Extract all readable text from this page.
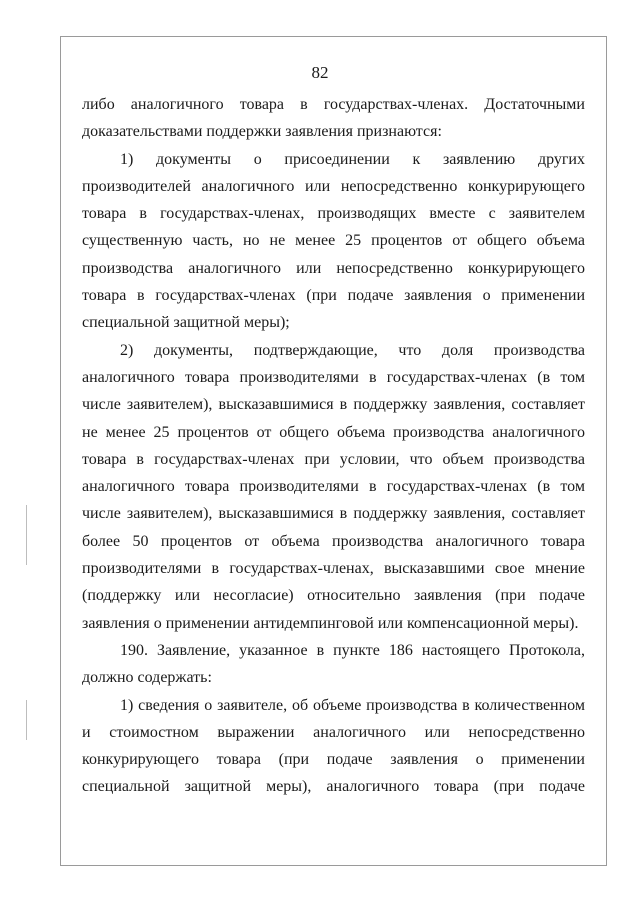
82

либо аналогичного товара в государствах-членах. Достаточными

доказательствами поддержки заявления признаются:

1) документы о присоединении к заявлению других

производителей аналогичного или непосредственно конкурирующего

товара в государствах-членах, производящих вместе с заявителем

существенную часть, но не менее 25 процентов от общего объема

производства аналогичного или непосредственно конкурирующего

товара в государствах-членах (при подаче заявления о применении

специальной защитной меры);

2) документы, подтверждающие, что доля производства

аналогичного товара производителями в государствах-членах (в том

числе заявителем), высказавшимися в поддержку заявления, составляет

не менее 25 процентов от общего объема производства аналогичного

товара в государствах-членах при условии, что объем производства

аналогичного товара производителями в государствах-членах (в том

числе заявителем), высказавшимися в поддержку заявления, составляет

более 50 процентов от объема производства аналогичного товара

производителями в государствах-членах, высказавшими свое мнение

(поддержку или несогласие) относительно заявления (при подаче

заявления о применении антидемпинговой или компенсационной меры).

190. Заявление, указанное в пункте 186 настоящего Протокола,

должно содержать:

1) сведения о заявителе, об объеме производства в количественном

и стоимостном выражении аналогичного или непосредственно

конкурирующего товара (при подаче заявления о применении

специальной защитной меры), аналогичного товара (при подаче
